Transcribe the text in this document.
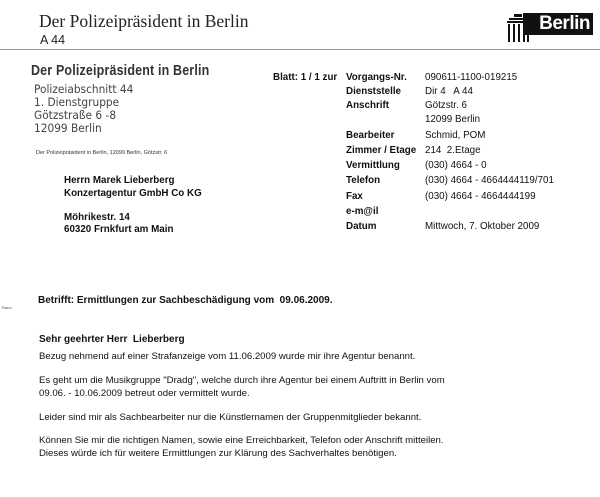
Der Polizeipräsident in Berlin
A 44
Berlin
Der Polizeipräsident in Berlin
Polizeiabschnitt 44
1. Dienstgruppe
Götzstraße 6 -8
12099 Berlin
Der Polizeipräsident in Berlin, 12099 Berlin, Götzstr. 6
Herrn Marek Lieberberg
Konzertagentur GmbH Co KG
Möhrikestr. 14
60320 Frnkfurt am Main
Blatt: 1 / 1 zur Vorgangs-Nr. 090611-1100-019215
Dienststelle Dir 4   A 44
Anschrift	Götzstr. 6
12099 Berlin
Bearbeiter	Schmid, POM
Zimmer / Etage 214  2.Etage
Vermittlung	(030) 4664 - 0
Telefon	(030) 4664 - 4664444119/701
Fax	(030) 4664 - 4664444199
e-m@il
Datum	Mittwoch, 7. Oktober 2009
Rand
Betrifft: Ermittlungen zur Sachbeschädigung vom  09.06.2009.
Sehr geehrter Herr  Lieberberg
Bezug nehmend auf einer Strafanzeige vom 11.06.2009 wurde mir ihre Agentur benannt.
Es geht um die Musikgruppe "Dradg", welche durch ihre Agentur bei einem Auftritt in Berlin vom
09.06. - 10.06.2009 betreut oder vermittelt wurde.
Leider sind mir als Sachbearbeiter nur die Künstlernamen der Gruppenmitglieder bekannt.
Können Sie mir die richtigen Namen, sowie eine Erreichbarkeit, Telefon oder Anschrift mitteilen.
Dieses würde ich für weitere Ermittlungen zur Klärung des Sachverhaltes benötigen.
